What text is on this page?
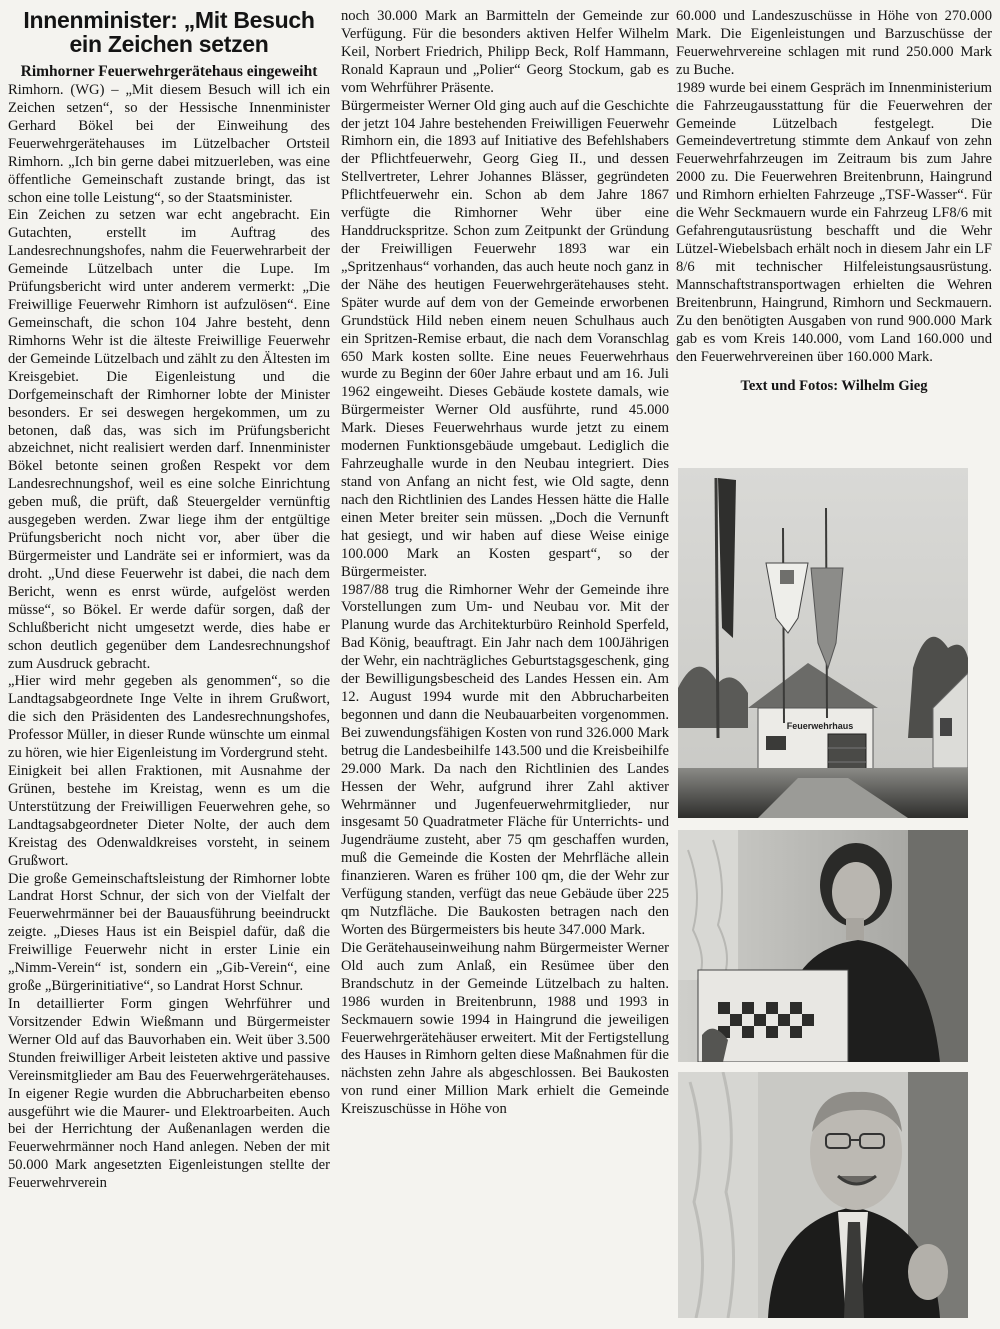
Innenminister: „Mit Besuch
ein Zeichen setzen
Rimhorner Feuerwehrgerätehaus eingeweiht

Rimhorn. (WG) – „Mit diesem Besuch will ich ein Zeichen setzen“, so der Hessische Innenminister Gerhard Bökel bei der Einweihung des Feuerwehrgerätehauses im Lützelbacher Ortsteil Rimhorn. „Ich bin gerne dabei mitzuerleben, was eine öffentliche Gemeinschaft zustande bringt, das ist schon eine tolle Leistung“, so der Staatsminister.

Ein Zeichen zu setzen war echt angebracht. Ein Gutachten, erstellt im Auftrag des Landesrechnungshofes, nahm die Feuerwehrarbeit der Gemeinde Lützelbach unter die Lupe. Im Prüfungsbericht wird unter anderem vermerkt: „Die Freiwillige Feuerwehr Rimhorn ist aufzulösen“. Eine Gemeinschaft, die schon 104 Jahre besteht, denn Rimhorns Wehr ist die älteste Freiwillige Feuerwehr der Gemeinde Lützelbach und zählt zu den Ältesten im Kreisgebiet. Die Eigenleistung und die Dorfgemeinschaft der Rimhorner lobte der Minister besonders. Er sei deswegen hergekommen, um zu betonen, daß das, was sich im Prüfungsbericht abzeichnet, nicht realisiert werden darf. Innenminister Bökel betonte seinen großen Respekt vor dem Landesrechnungshof, weil es eine solche Einrichtung geben muß, die prüft, daß Steuergelder vernünftig ausgegeben werden. Zwar liege ihm der entgültige Prüfungsbericht noch nicht vor, aber über die Bürgermeister und Landräte sei er informiert, was da droht. „Und diese Feuerwehr ist dabei, die nach dem Bericht, wenn es enrst würde, aufgelöst werden müsse“, so Bökel. Er werde dafür sorgen, daß der Schlußbericht nicht umgesetzt werde, dies habe er schon deutlich gegenüber dem Landesrechnungshof zum Ausdruck gebracht.

„Hier wird mehr gegeben als genommen“, so die Landtagsabgeordnete Inge Velte in ihrem Grußwort, die sich den Präsidenten des Landesrechnungshofes, Professor Müller, in dieser Runde wünschte um einmal zu hören, wie hier Eigenleistung im Vordergrund steht.

Einigkeit bei allen Fraktionen, mit Ausnahme der Grünen, bestehe im Kreistag, wenn es um die Unterstützung der Freiwilligen Feuerwehren gehe, so Landtagsabgeordneter Dieter Nolte, der auch dem Kreistag des Odenwaldkreises vorsteht, in seinem Grußwort.

Die große Gemeinschaftsleistung der Rimhorner lobte Landrat Horst Schnur, der sich von der Vielfalt der Feuerwehrmänner bei der Bauausführung beeindruckt zeigte. „Dieses Haus ist ein Beispiel dafür, daß die Freiwillige Feuerwehr nicht in erster Linie ein „Nimm-Verein“ ist, sondern ein „Gib-Verein“, eine große „Bürgerinitiative“, so Landrat Horst Schnur.

In detaillierter Form gingen Wehrführer und Vorsitzender Edwin Wießmann und Bürgermeister Werner Old auf das Bauvorhaben ein. Weit über 3.500 Stunden freiwilliger Arbeit leisteten aktive und passive Vereinsmitglieder am Bau des Feuerwehrgerätehauses. In eigener Regie wurden die Abbrucharbeiten ebenso ausgeführt wie die Maurer- und Elektroarbeiten. Auch bei der Herrichtung der Außenanlagen werden die Feuerwehrmänner noch Hand anlegen. Neben der mit 50.000 Mark angesetzten Eigenleistungen stellte der Feuerwehrverein

noch 30.000 Mark an Barmitteln der Gemeinde zur Verfügung. Für die besonders aktiven Helfer Wilhelm Keil, Norbert Friedrich, Philipp Beck, Rolf Hammann, Ronald Kapraun und „Polier“ Georg Stockum, gab es vom Wehrführer Präsente.

Bürgermeister Werner Old ging auch auf die Geschichte der jetzt 104 Jahre bestehenden Freiwilligen Feuerwehr Rimhorn ein, die 1893 auf Initiative des Befehlshabers der Pflichtfeuerwehr, Georg Gieg II., und dessen Stellvertreter, Lehrer Johannes Blässer, gegründeten Pflichtfeuerwehr ein. Schon ab dem Jahre 1867 verfügte die Rimhorner Wehr über eine Handdruckspritze. Schon zum Zeitpunkt der Gründung der Freiwilligen Feuerwehr 1893 war ein „Spritzenhaus“ vorhanden, das auch heute noch ganz in der Nähe des heutigen Feuerwehrgerätehauses steht. Später wurde auf dem von der Gemeinde erworbenen Grundstück Hild neben einem neuen Schulhaus auch ein Spritzen-Remise erbaut, die nach dem Voranschlag 650 Mark kosten sollte. Eine neues Feuerwehrhaus wurde zu Beginn der 60er Jahre erbaut und am 16. Juli 1962 eingeweiht. Dieses Gebäude kostete damals, wie Bürgermeister Werner Old ausführte, rund 45.000 Mark. Dieses Feuerwehrhaus wurde jetzt zu einem modernen Funktionsgebäude umgebaut. Lediglich die Fahrzeughalle wurde in den Neubau integriert. Dies stand von Anfang an nicht fest, wie Old sagte, denn nach den Richtlinien des Landes Hessen hätte die Halle einen Meter breiter sein müssen. „Doch die Vernunft hat gesiegt, und wir haben auf diese Weise einige 100.000 Mark an Kosten gespart“, so der Bürgermeister.

1987/88 trug die Rimhorner Wehr der Gemeinde ihre Vorstellungen zum Um- und Neubau vor. Mit der Planung wurde das Architekturbüro Reinhold Sperfeld, Bad König, beauftragt. Ein Jahr nach dem 100Jährigen der Wehr, ein nachträgliches Geburtstagsgeschenk, ging der Bewilligungsbescheid des Landes Hessen ein. Am 12. August 1994 wurde mit den Abbrucharbeiten begonnen und dann die Neubauarbeiten vorgenommen. Bei zuwendungsfähigen Kosten von rund 326.000 Mark betrug die Landesbeihilfe 143.500 und die Kreisbeihilfe 29.000 Mark. Da nach den Richtlinien des Landes Hessen der Wehr, aufgrund ihrer Zahl aktiver Wehrmänner und Jugenfeuerwehrmitglieder, nur insgesamt 50 Quadratmeter Fläche für Unterrichts- und Jugendräume zusteht, aber 75 qm geschaffen wurden, muß die Gemeinde die Kosten der Mehrfläche allein finanzieren. Waren es früher 100 qm, die der Wehr zur Verfügung standen, verfügt das neue Gebäude über 225 qm Nutzfläche. Die Baukosten betragen nach den Worten des Bürgermeisters bis heute 347.000 Mark.

Die Gerätehauseinweihung nahm Bürgermeister Werner Old auch zum Anlaß, ein Resümee über den Brandschutz in der Gemeinde Lützelbach zu halten. 1986 wurden in Breitenbrunn, 1988 und 1993 in Seckmauern sowie 1994 in Haingrund die jeweiligen Feuerwehrgerätehäuser erweitert. Mit der Fertigstellung des Hauses in Rimhorn gelten diese Maßnahmen für die nächsten zehn Jahre als abgeschlossen. Bei Baukosten von rund einer Million Mark erhielt die Gemeinde Kreiszuschüsse in Höhe von

60.000 und Landeszuschüsse in Höhe von 270.000 Mark. Die Eigenleistungen und Barzuschüsse der Feuerwehrvereine schlagen mit rund 250.000 Mark zu Buche.

1989 wurde bei einem Gespräch im Innenministerium die Fahrzeugausstattung für die Feuerwehren der Gemeinde Lützelbach festgelegt. Die Gemeindevertretung stimmte dem Ankauf von zehn Feuerwehrfahrzeugen im Zeitraum bis zum Jahre 2000 zu. Die Feuerwehren Breitenbrunn, Haingrund und Rimhorn erhielten Fahrzeuge „TSF-Wasser“. Für die Wehr Seckmauern wurde ein Fahrzeug LF8/6 mit Gefahrengutausrüstung beschafft und die Wehr Lützel-Wiebelsbach erhält noch in diesem Jahr ein LF 8/6 mit technischer Hilfeleistungsausrüstung. Mannschaftstransportwagen erhielten die Wehren Breitenbrunn, Haingrund, Rimhorn und Seckmauern. Zu den benötigten Ausgaben von rund 900.000 Mark gab es vom Kreis 140.000, vom Land 160.000 und den Feuerwehrvereinen über 160.000 Mark.

Text und Fotos: Wilhelm Gieg
Feuerwehrhaus
